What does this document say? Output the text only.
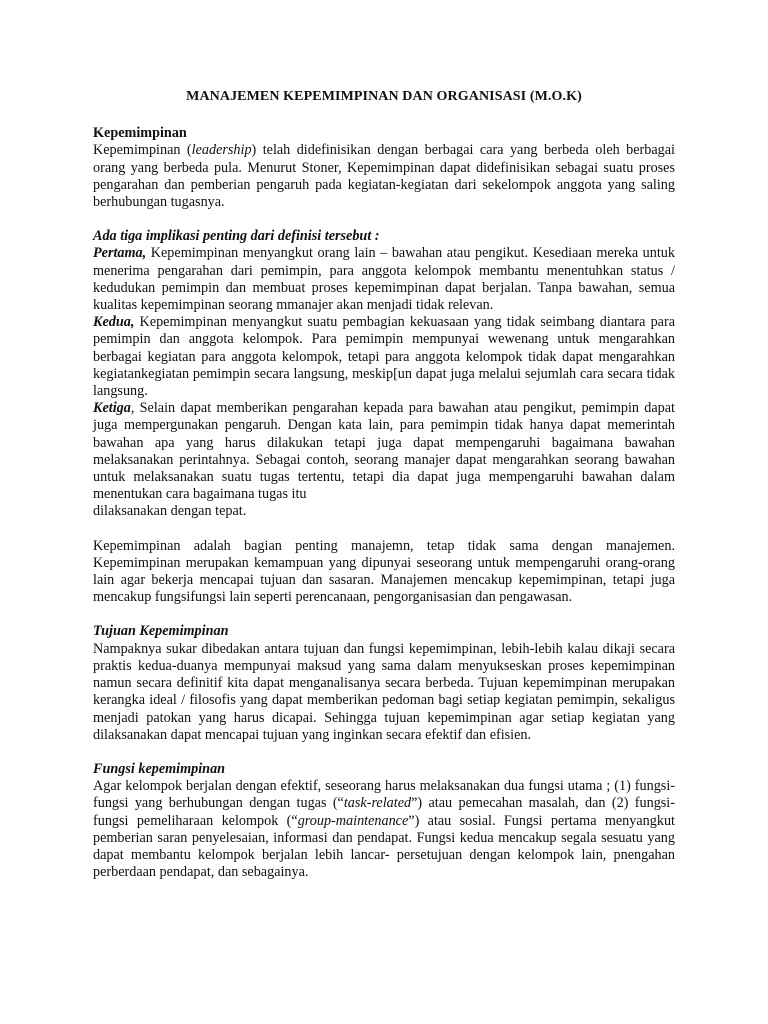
MANAJEMEN KEPEMIMPINAN DAN ORGANISASI (M.O.K)
Kepemimpinan

Kepemimpinan (leadership) telah didefinisikan dengan berbagai cara yang berbeda oleh berbagai orang yang berbeda pula. Menurut Stoner, Kepemimpinan dapat didefinisikan sebagai suatu proses pengarahan dan pemberian pengaruh pada kegiatan-kegiatan dari sekelompok anggota yang saling berhubungan tugasnya.

Ada tiga implikasi penting dari definisi tersebut :

Pertama, Kepemimpinan menyangkut orang lain – bawahan atau pengikut. Kesediaan mereka untuk menerima pengarahan dari pemimpin, para anggota kelompok membantu menentuhkan status / kedudukan pemimpin dan membuat proses kepemimpinan dapat berjalan. Tanpa bawahan, semua kualitas kepemimpinan seorang mmanajer akan menjadi tidak relevan.

Kedua, Kepemimpinan menyangkut suatu pembagian kekuasaan yang tidak seimbang diantara para pemimpin dan anggota kelompok. Para pemimpin mempunyai wewenang untuk mengarahkan berbagai kegiatan para anggota kelompok, tetapi para anggota kelompok tidak dapat mengarahkan kegiatankegiatan pemimpin secara langsung, meskip[un dapat juga melalui sejumlah cara secara tidak langsung.

Ketiga, Selain dapat memberikan pengarahan kepada para bawahan atau pengikut, pemimpin dapat juga mempergunakan pengaruh. Dengan kata lain, para pemimpin tidak hanya dapat memerintah bawahan apa yang harus dilakukan tetapi juga dapat mempengaruhi bagaimana bawahan melaksanakan perintahnya. Sebagai contoh, seorang manajer dapat mengarahkan seorang bawahan untuk melaksanakan suatu tugas tertentu, tetapi dia dapat juga mempengaruhi bawahan dalam menentukan cara bagaimana tugas itu

dilaksanakan dengan tepat.

Kepemimpinan adalah bagian penting manajemn, tetap tidak sama dengan manajemen. Kepemimpinan merupakan kemampuan yang dipunyai seseorang untuk mempengaruhi orang-orang lain agar bekerja mencapai tujuan dan sasaran. Manajemen mencakup kepemimpinan, tetapi juga mencakup fungsifungsi lain seperti perencanaan, pengorganisasian dan pengawasan.

Tujuan Kepemimpinan

Nampaknya sukar dibedakan antara tujuan dan fungsi kepemimpinan, lebih-lebih kalau dikaji secara praktis kedua-duanya mempunyai maksud yang sama dalam menyukseskan proses kepemimpinan namun secara definitif kita dapat menganalisanya secara berbeda. Tujuan kepemimpinan merupakan kerangka ideal / filosofis yang dapat memberikan pedoman bagi setiap kegiatan pemimpin, sekaligus menjadi patokan yang harus dicapai. Sehingga tujuan kepemimpinan agar setiap kegiatan yang dilaksanakan dapat mencapai tujuan yang inginkan secara efektif dan efisien.

Fungsi kepemimpinan

Agar kelompok berjalan dengan efektif, seseorang harus melaksanakan dua fungsi utama ; (1) fungsi-fungsi yang berhubungan dengan tugas (“task-related”) atau pemecahan masalah, dan (2) fungsi-fungsi pemeliharaan kelompok (“group-maintenance”) atau sosial. Fungsi pertama menyangkut pemberian saran penyelesaian, informasi dan pendapat. Fungsi kedua mencakup segala sesuatu yang dapat membantu kelompok berjalan lebih lancar- persetujuan dengan kelompok lain, pnengahan perberdaan pendapat, dan sebagainya.
